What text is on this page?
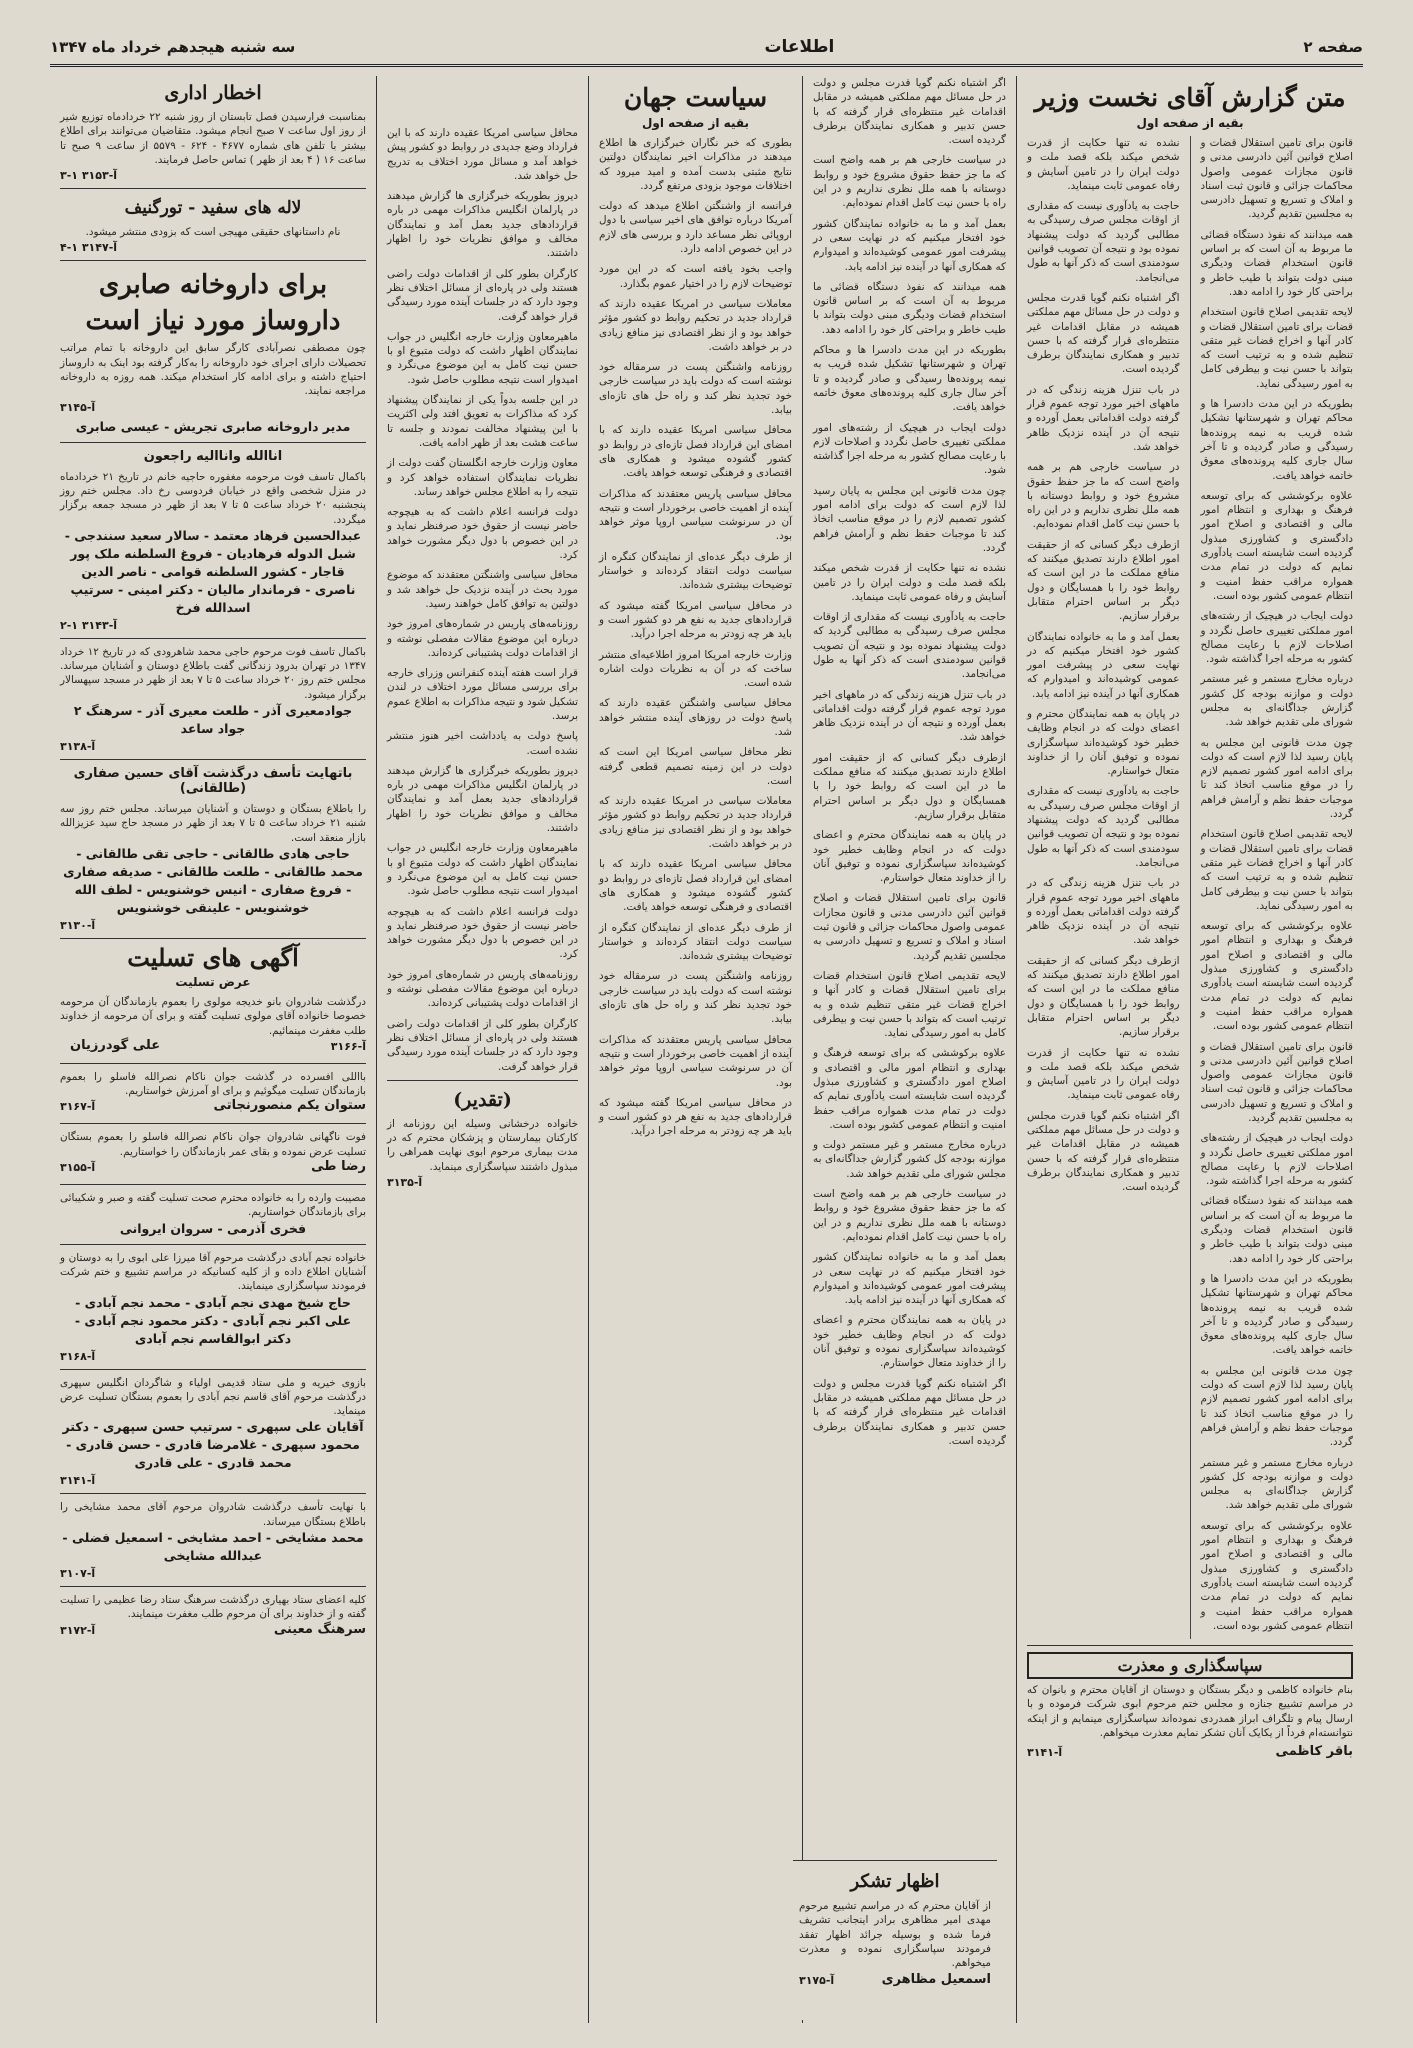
صفحه ۲
اطلاعات
سه شنبه هیجدهم خرداد ماه ۱۳۴۷
متن گزارش آقای نخست وزیر
بقیه از صفحه اول

قانون برای تامین استقلال قضات و اصلاح قوانین آئین دادرسی مدنی و قانون مجازات عمومی واصول محاکمات جزائی و قانون ثبت اسناد و املاک و تسریع و تسهیل دادرسی به مجلسین تقدیم گردید.

همه میدانند که نفوذ دستگاه قضائی ما مربوط به آن است که بر اساس قانون استخدام قضات ودیگری مبنی دولت بتواند با طیب خاطر و براحتی کار خود را ادامه دهد.

لایحه تقدیمی اصلاح قانون استخدام قضات برای تامین استقلال قضات و کادر آنها و اخراج قضات غیر متقی تنظیم شده و به ترتیب است که بتواند با حسن نیت و بیطرفی کامل به امور رسیدگی نماید.

بطوریکه در این مدت دادسرا ها و محاکم تهران و شهرستانها تشکیل شده قریب به نیمه پرونده‌ها رسیدگی و صادر گردیده و تا آخر سال جاری کلیه پرونده‌های معوق خاتمه خواهد یافت.

علاوه برکوششی که برای توسعه فرهنگ و بهداری و انتظام امور مالی و اقتصادی و اصلاح امور دادگستری و کشاورزی مبذول گردیده است شایسته است یادآوری نمایم که دولت در تمام مدت همواره مراقب حفظ امنیت و انتظام عمومی کشور بوده است.

دولت ایجاب در هیچیک از رشته‌های امور مملکتی تغییری حاصل نگردد و اصلاحات لازم با رعایت مصالح کشور به مرحله اجرا گذاشته شود.

درباره مخارج مستمر و غیر مستمر دولت و موازنه بودجه کل کشور گزارش جداگانه‌ای به مجلس شورای ملی تقدیم خواهد شد.

چون مدت قانونی این مجلس به پایان رسید لذا لازم است که دولت برای ادامه امور کشور تصمیم لازم را در موقع مناسب اتخاذ کند تا موجبات حفظ نظم و آرامش فراهم گردد.

لایحه تقدیمی اصلاح قانون استخدام قضات برای تامین استقلال قضات و کادر آنها و اخراج قضات غیر متقی تنظیم شده و به ترتیب است که بتواند با حسن نیت و بیطرفی کامل به امور رسیدگی نماید.

علاوه برکوششی که برای توسعه فرهنگ و بهداری و انتظام امور مالی و اقتصادی و اصلاح امور دادگستری و کشاورزی مبذول گردیده است شایسته است یادآوری نمایم که دولت در تمام مدت همواره مراقب حفظ امنیت و انتظام عمومی کشور بوده است.

قانون برای تامین استقلال قضات و اصلاح قوانین آئین دادرسی مدنی و قانون مجازات عمومی واصول محاکمات جزائی و قانون ثبت اسناد و املاک و تسریع و تسهیل دادرسی به مجلسین تقدیم گردید.

دولت ایجاب در هیچیک از رشته‌های امور مملکتی تغییری حاصل نگردد و اصلاحات لازم با رعایت مصالح کشور به مرحله اجرا گذاشته شود.

همه میدانند که نفوذ دستگاه قضائی ما مربوط به آن است که بر اساس قانون استخدام قضات ودیگری مبنی دولت بتواند با طیب خاطر و براحتی کار خود را ادامه دهد.

بطوریکه در این مدت دادسرا ها و محاکم تهران و شهرستانها تشکیل شده قریب به نیمه پرونده‌ها رسیدگی و صادر گردیده و تا آخر سال جاری کلیه پرونده‌های معوق خاتمه خواهد یافت.

چون مدت قانونی این مجلس به پایان رسید لذا لازم است که دولت برای ادامه امور کشور تصمیم لازم را در موقع مناسب اتخاذ کند تا موجبات حفظ نظم و آرامش فراهم گردد.

درباره مخارج مستمر و غیر مستمر دولت و موازنه بودجه کل کشور گزارش جداگانه‌ای به مجلس شورای ملی تقدیم خواهد شد.

علاوه برکوششی که برای توسعه فرهنگ و بهداری و انتظام امور مالی و اقتصادی و اصلاح امور دادگستری و کشاورزی مبذول گردیده است شایسته است یادآوری نمایم که دولت در تمام مدت همواره مراقب حفظ امنیت و انتظام عمومی کشور بوده است.

نشده نه تنها حکایت از قدرت شخص میکند بلکه قصد ملت و دولت ایران را در تامین آسایش و رفاه عمومی ثابت مینماید.

حاجت به یادآوری نیست که مقداری از اوقات مجلس صرف رسیدگی به مطالبی گردید که دولت پیشنهاد نموده بود و نتیجه آن تصویب قوانین سودمندی است که ذکر آنها به طول می‌انجامد.

اگر اشتباه نکنم گویا قدرت مجلس و دولت در حل مسائل مهم مملکتی همیشه در مقابل اقدامات غیر منتظره‌ای قرار گرفته که با حسن تدبیر و همکاری نمایندگان برطرف گردیده است.

در باب تنزل هزینه زندگی که در ماههای اخیر مورد توجه عموم قرار گرفته دولت اقداماتی بعمل آورده و نتیجه آن در آینده نزدیک ظاهر خواهد شد.

در سیاست خارجی هم بر همه واضح است که ما جز حفظ حقوق مشروع خود و روابط دوستانه با همه ملل نظری نداریم و در این راه با حسن نیت کامل اقدام نموده‌ایم.

ازطرف دیگر کسانی که از حقیقت امور اطلاع دارند تصدیق میکنند که منافع مملکت ما در این است که روابط خود را با همسایگان و دول دیگر بر اساس احترام متقابل برقرار سازیم.

بعمل آمد و ما به خانواده نمایندگان کشور خود افتخار میکنیم که در نهایت سعی در پیشرفت امور عمومی کوشیده‌اند و امیدوارم که همکاری آنها در آینده نیز ادامه یابد.

در پایان به همه نمایندگان محترم و اعضای دولت که در انجام وظایف خطیر خود کوشیده‌اند سپاسگزاری نموده و توفیق آنان را از خداوند متعال خواستارم.

حاجت به یادآوری نیست که مقداری از اوقات مجلس صرف رسیدگی به مطالبی گردید که دولت پیشنهاد نموده بود و نتیجه آن تصویب قوانین سودمندی است که ذکر آنها به طول می‌انجامد.

در باب تنزل هزینه زندگی که در ماههای اخیر مورد توجه عموم قرار گرفته دولت اقداماتی بعمل آورده و نتیجه آن در آینده نزدیک ظاهر خواهد شد.

ازطرف دیگر کسانی که از حقیقت امور اطلاع دارند تصدیق میکنند که منافع مملکت ما در این است که روابط خود را با همسایگان و دول دیگر بر اساس احترام متقابل برقرار سازیم.

نشده نه تنها حکایت از قدرت شخص میکند بلکه قصد ملت و دولت ایران را در تامین آسایش و رفاه عمومی ثابت مینماید.

اگر اشتباه نکنم گویا قدرت مجلس و دولت در حل مسائل مهم مملکتی همیشه در مقابل اقدامات غیر منتظره‌ای قرار گرفته که با حسن تدبیر و همکاری نمایندگان برطرف گردیده است.

سپاسگذاری و معذرت
بنام خانواده کاظمی و دیگر بستگان و دوستان از آقایان محترم و بانوان که در مراسم تشییع جنازه و مجلس ختم مرحوم ابوی شرکت فرموده و با ارسال پیام و تلگراف ابراز همدردی نموده‌اند سپاسگزاری مینمایم و از اینکه نتوانسته‌ام فرداً از یکایک آنان تشکر نمایم معذرت میخواهم.
باقر کاظمی
آ-۳۱۴۱

اگر اشتباه نکنم گویا قدرت مجلس و دولت در حل مسائل مهم مملکتی همیشه در مقابل اقدامات غیر منتظره‌ای قرار گرفته که با حسن تدبیر و همکاری نمایندگان برطرف گردیده است.

در سیاست خارجی هم بر همه واضح است که ما جز حفظ حقوق مشروع خود و روابط دوستانه با همه ملل نظری نداریم و در این راه با حسن نیت کامل اقدام نموده‌ایم.

بعمل آمد و ما به خانواده نمایندگان کشور خود افتخار میکنیم که در نهایت سعی در پیشرفت امور عمومی کوشیده‌اند و امیدوارم که همکاری آنها در آینده نیز ادامه یابد.

همه میدانند که نفوذ دستگاه قضائی ما مربوط به آن است که بر اساس قانون استخدام قضات ودیگری مبنی دولت بتواند با طیب خاطر و براحتی کار خود را ادامه دهد.

بطوریکه در این مدت دادسرا ها و محاکم تهران و شهرستانها تشکیل شده قریب به نیمه پرونده‌ها رسیدگی و صادر گردیده و تا آخر سال جاری کلیه پرونده‌های معوق خاتمه خواهد یافت.

دولت ایجاب در هیچیک از رشته‌های امور مملکتی تغییری حاصل نگردد و اصلاحات لازم با رعایت مصالح کشور به مرحله اجرا گذاشته شود.

چون مدت قانونی این مجلس به پایان رسید لذا لازم است که دولت برای ادامه امور کشور تصمیم لازم را در موقع مناسب اتخاذ کند تا موجبات حفظ نظم و آرامش فراهم گردد.

نشده نه تنها حکایت از قدرت شخص میکند بلکه قصد ملت و دولت ایران را در تامین آسایش و رفاه عمومی ثابت مینماید.

حاجت به یادآوری نیست که مقداری از اوقات مجلس صرف رسیدگی به مطالبی گردید که دولت پیشنهاد نموده بود و نتیجه آن تصویب قوانین سودمندی است که ذکر آنها به طول می‌انجامد.

در باب تنزل هزینه زندگی که در ماههای اخیر مورد توجه عموم قرار گرفته دولت اقداماتی بعمل آورده و نتیجه آن در آینده نزدیک ظاهر خواهد شد.

ازطرف دیگر کسانی که از حقیقت امور اطلاع دارند تصدیق میکنند که منافع مملکت ما در این است که روابط خود را با همسایگان و دول دیگر بر اساس احترام متقابل برقرار سازیم.

در پایان به همه نمایندگان محترم و اعضای دولت که در انجام وظایف خطیر خود کوشیده‌اند سپاسگزاری نموده و توفیق آنان را از خداوند متعال خواستارم.

قانون برای تامین استقلال قضات و اصلاح قوانین آئین دادرسی مدنی و قانون مجازات عمومی واصول محاکمات جزائی و قانون ثبت اسناد و املاک و تسریع و تسهیل دادرسی به مجلسین تقدیم گردید.

لایحه تقدیمی اصلاح قانون استخدام قضات برای تامین استقلال قضات و کادر آنها و اخراج قضات غیر متقی تنظیم شده و به ترتیب است که بتواند با حسن نیت و بیطرفی کامل به امور رسیدگی نماید.

علاوه برکوششی که برای توسعه فرهنگ و بهداری و انتظام امور مالی و اقتصادی و اصلاح امور دادگستری و کشاورزی مبذول گردیده است شایسته است یادآوری نمایم که دولت در تمام مدت همواره مراقب حفظ امنیت و انتظام عمومی کشور بوده است.

درباره مخارج مستمر و غیر مستمر دولت و موازنه بودجه کل کشور گزارش جداگانه‌ای به مجلس شورای ملی تقدیم خواهد شد.

در سیاست خارجی هم بر همه واضح است که ما جز حفظ حقوق مشروع خود و روابط دوستانه با همه ملل نظری نداریم و در این راه با حسن نیت کامل اقدام نموده‌ایم.

بعمل آمد و ما به خانواده نمایندگان کشور خود افتخار میکنیم که در نهایت سعی در پیشرفت امور عمومی کوشیده‌اند و امیدوارم که همکاری آنها در آینده نیز ادامه یابد.

در پایان به همه نمایندگان محترم و اعضای دولت که در انجام وظایف خطیر خود کوشیده‌اند سپاسگزاری نموده و توفیق آنان را از خداوند متعال خواستارم.

اگر اشتباه نکنم گویا قدرت مجلس و دولت در حل مسائل مهم مملکتی همیشه در مقابل اقدامات غیر منتظره‌ای قرار گرفته که با حسن تدبیر و همکاری نمایندگان برطرف گردیده است.

سیاست جهان
بقیه از صفحه اول

بطوری که خبر نگاران خبرگزاری ها اطلاع میدهند در مذاکرات اخیر نمایندگان دولتین نتایج مثبتی بدست آمده و امید میرود که اختلافات موجود بزودی مرتفع گردد.

فرانسه از واشنگتن اطلاع میدهد که دولت آمریکا درباره توافق های اخیر سیاسی با دول اروپائی نظر مساعد دارد و بررسی های لازم در این خصوص ادامه دارد.

واجب بخود یافته است که در این مورد توضیحات لازم را در اختیار عموم بگذارد.

معاملات سیاسی در امریکا عقیده دارند که قرارداد جدید در تحکیم روابط دو کشور مؤثر خواهد بود و از نظر اقتصادی نیز منافع زیادی در بر خواهد داشت.

روزنامه واشنگتن پست در سرمقاله خود نوشته است که دولت باید در سیاست خارجی خود تجدید نظر کند و راه حل های تازه‌ای بیابد.

محافل سیاسی امریکا عقیده دارند که با امضای این قرارداد فصل تازه‌ای در روابط دو کشور گشوده میشود و همکاری های اقتصادی و فرهنگی توسعه خواهد یافت.

محافل سیاسی پاریس معتقدند که مذاکرات آینده از اهمیت خاصی برخوردار است و نتیجه آن در سرنوشت سیاسی اروپا موثر خواهد بود.

از طرف دیگر عده‌ای از نمایندگان کنگره از سیاست دولت انتقاد کرده‌اند و خواستار توضیحات بیشتری شده‌اند.

در محافل سیاسی امریکا گفته میشود که قراردادهای جدید به نفع هر دو کشور است و باید هر چه زودتر به مرحله اجرا درآید.

وزارت خارجه امریکا امروز اطلاعیه‌ای منتشر ساخت که در آن به نظریات دولت اشاره شده است.

محافل سیاسی واشنگتن عقیده دارند که پاسخ دولت در روزهای آینده منتشر خواهد شد.

نظر محافل سیاسی امریکا این است که دولت در این زمینه تصمیم قطعی گرفته است.

معاملات سیاسی در امریکا عقیده دارند که قرارداد جدید در تحکیم روابط دو کشور مؤثر خواهد بود و از نظر اقتصادی نیز منافع زیادی در بر خواهد داشت.

محافل سیاسی امریکا عقیده دارند که با امضای این قرارداد فصل تازه‌ای در روابط دو کشور گشوده میشود و همکاری های اقتصادی و فرهنگی توسعه خواهد یافت.

از طرف دیگر عده‌ای از نمایندگان کنگره از سیاست دولت انتقاد کرده‌اند و خواستار توضیحات بیشتری شده‌اند.

روزنامه واشنگتن پست در سرمقاله خود نوشته است که دولت باید در سیاست خارجی خود تجدید نظر کند و راه حل های تازه‌ای بیابد.

محافل سیاسی پاریس معتقدند که مذاکرات آینده از اهمیت خاصی برخوردار است و نتیجه آن در سرنوشت سیاسی اروپا موثر خواهد بود.

در محافل سیاسی امریکا گفته میشود که قراردادهای جدید به نفع هر دو کشور است و باید هر چه زودتر به مرحله اجرا درآید.

محافل سیاسی امریکا عقیده دارند که با این فرارداد وضع جدیدی در روابط دو کشور پیش خواهد آمد و مسائل مورد اختلاف به تدریج حل خواهد شد.

دیروز بطوریکه خبرگزاری ها گزارش میدهند در پارلمان انگلیس مذاکرات مهمی در باره قراردادهای جدید بعمل آمد و نمایندگان مخالف و موافق نظریات خود را اظهار داشتند.

کارگران بطور کلی از اقدامات دولت راضی هستند ولی در پاره‌ای از مسائل اختلاف نظر وجود دارد که در جلسات آینده مورد رسیدگی قرار خواهد گرفت.

ماهیرمعاون وزارت خارجه انگلیس در جواب نمایندگان اظهار داشت که دولت متبوع او با حسن نیت کامل به این موضوع می‌نگرد و امیدوار است نتیجه مطلوب حاصل شود.

در این جلسه بدواً یکی از نمایندگان پیشنهاد کرد که مذاکرات به تعویق افتد ولی اکثریت با این پیشنهاد مخالفت نمودند و جلسه تا ساعت هشت بعد از ظهر ادامه یافت.

معاون وزارت خارجه انگلستان گفت دولت از نظریات نمایندگان استفاده خواهد کرد و نتیجه را به اطلاع مجلس خواهد رساند.

دولت فرانسه اعلام داشت که به هیچوجه حاضر نیست از حقوق خود صرفنظر نماید و در این خصوص با دول دیگر مشورت خواهد کرد.

محافل سیاسی واشنگتن معتقدند که موضوع مورد بحث در آینده نزدیک حل خواهد شد و دولتین به توافق کامل خواهند رسید.

روزنامه‌های پاریس در شماره‌های امروز خود درباره این موضوع مقالات مفصلی نوشته و از اقدامات دولت پشتیبانی کرده‌اند.

قرار است هفته آینده کنفرانس وزرای خارجه برای بررسی مسائل مورد اختلاف در لندن تشکیل شود و نتیجه مذاکرات به اطلاع عموم برسد.

پاسخ دولت به یادداشت اخیر هنوز منتشر نشده است.

دیروز بطوریکه خبرگزاری ها گزارش میدهند در پارلمان انگلیس مذاکرات مهمی در باره قراردادهای جدید بعمل آمد و نمایندگان مخالف و موافق نظریات خود را اظهار داشتند.

ماهیرمعاون وزارت خارجه انگلیس در جواب نمایندگان اظهار داشت که دولت متبوع او با حسن نیت کامل به این موضوع می‌نگرد و امیدوار است نتیجه مطلوب حاصل شود.

دولت فرانسه اعلام داشت که به هیچوجه حاضر نیست از حقوق خود صرفنظر نماید و در این خصوص با دول دیگر مشورت خواهد کرد.

روزنامه‌های پاریس در شماره‌های امروز خود درباره این موضوع مقالات مفصلی نوشته و از اقدامات دولت پشتیبانی کرده‌اند.

کارگران بطور کلی از اقدامات دولت راضی هستند ولی در پاره‌ای از مسائل اختلاف نظر وجود دارد که در جلسات آینده مورد رسیدگی قرار خواهد گرفت.

(تقدیر)
خانواده درخشانی وسیله این روزنامه از کارکنان بیمارستان و پزشکان محترم که در مدت بیماری مرحوم ابوی نهایت همراهی را مبذول داشتند سپاسگزاری مینماید.
آ-۳۱۳۵
اخطار اداری
بمناسبت فرارسیدن فصل تابستان از روز شنبه ۲۲ خردادماه توزیع شیر از روز اول ساعت ۷ صبح انجام میشود. متقاضیان می‌توانند برای اطلاع بیشتر با تلفن های شماره ۴۶۷۷ - ۶۲۴ - ۵۵۷۹ از ساعت ۹ صبح تا ساعت ۱۶ ( ۴ بعد از ظهر ) تماس حاصل فرمایند.
۳-۱ آ-۳۱۵۳
لاله های سفید - تورگنیف
نام داستانهای حقیقی مهیجی است که بزودی منتشر میشود.
۴-۱ آ-۳۱۴۷
برای داروخانه صابری داروساز مورد نیاز است
چون مصطفی نصرآبادی کارگر سابق این داروخانه با تمام مراتب تحصیلات دارای اجرای خود داروخانه را به‌کار گرفته بود اینک به داروساز احتیاج داشته و برای ادامه کار استخدام میکند. همه روزه به داروخانه مراجعه نمایند.
آ-۳۱۴۵
مدیر داروخانه صابری تجریش - عیسی صابری
اناالله وانااليه راجعون
باکمال تاسف فوت مرحومه مغفوره حاجیه خانم در تاریخ ۲۱ خردادماه در منزل شخصی واقع در خیابان فردوسی رخ داد. مجلس ختم روز پنجشنبه ۲۰ خرداد ساعت ۵ تا ۷ بعد از ظهر در مسجد جمعه برگزار میگردد.
عبدالحسین فرهاد معتمد - سالار سعید سنندجی - شبل الدوله فرهادیان - فروغ السلطنه ملک پور قاجار - کشور السلطنه قوامی - ناصر الدین ناصری - فرماندار مالیان - دکتر امینی - سرتیپ اسدالله فرخ
۲-۱ آ-۳۱۴۳
باکمال تاسف فوت مرحوم حاجی محمد شاهرودی که در تاریخ ۱۲ خرداد ۱۳۴۷ در تهران بدرود زندگانی گفت باطلاع دوستان و آشنایان میرساند. مجلس ختم روز ۲۰ خرداد ساعت ۵ تا ۷ بعد از ظهر در مسجد سپهسالار برگزار میشود.
جوادمعیری آذر - طلعت معیری آذر - سرهنگ ۲ جواد ساعد
آ-۳۱۳۸
باتهایت تأسف درگذشت آقای حسین صفاری (طالقانی)
را باطلاع بستگان و دوستان و آشنایان میرساند. مجلس ختم روز سه شنبه ۲۱ خرداد ساعت ۵ تا ۷ بعد از ظهر در مسجد حاج سید عزیزالله بازار منعقد است.
حاجی هادی طالقانی - حاجی تقی طالقانی - محمد طالقانی - طلعت طالقانی - صدیقه صفاری - فروغ صفاری - انیس خوشنویس - لطف الله خوشنویس - علینقی خوشنویس
آ-۳۱۳۰
آگهی های تسلیت
عرض تسلیت
درگذشت شادروان بانو خدیجه مولوی را بعموم بازماندگان آن مرحومه خصوصا خانواده آقای مولوی تسلیت گفته و برای آن مرحومه از خداوند طلب مغفرت مینمائیم.
آ-۳۱۶۶
علی گودرزیان
بااللی افسرده در گذشت جوان ناکام نصرالله فاسلو را بعموم بازماندگان تسلیت میگوئیم و برای او آمرزش خواستاریم.
ستوان یکم منصورنجاتی
آ-۳۱۶۷
فوت ناگهانی شادروان جوان ناکام نصرالله فاسلو را بعموم بستگان تسلیت عرض نموده و بقای عمر بازماندگان را خواستاریم.
رضا طی
آ-۳۱۵۵
مصیبت وارده را به خانواده محترم صحت تسلیت گفته و صبر و شکیبائی برای بازماندگان خواستاریم.
فخری آذرمی - سروان ایروانی
خانواده نجم آبادی درگذشت مرحوم آقا میرزا علی ابوی را به دوستان و آشنایان اطلاع داده و از کلیه کسانیکه در مراسم تشییع و ختم شرکت فرمودند سپاسگزاری مینمایند.
حاج شیخ مهدی نجم آبادی - محمد نجم آبادی - علی اکبر نجم آبادی - دکتر محمود نجم آبادی - دکتر ابوالقاسم نجم آبادی
آ-۳۱۶۸
بازوی خیریه و ملی ستاد قدیمی اولیاء و شاگردان انگلیس سپهری درگذشت مرحوم آقای قاسم نجم آبادی را بعموم بستگان تسلیت عرض مینماید.
آقایان علی سپهری - سرتیپ حسن سپهری - دکتر محمود سپهری - غلامرضا قادری - حسن قادری - محمد قادری - علی قادری
آ-۳۱۴۱
با نهایت تأسف درگذشت شادروان مرحوم آقای محمد مشایخی را باطلاع بستگان میرساند.
محمد مشایخی - احمد مشایخی - اسمعیل فضلی - عبدالله مشایخی
آ-۳۱۰۷
کلیه اعضای ستاد بهیاری درگذشت سرهنگ ستاد رضا عظیمی را تسلیت گفته و از خداوند برای آن مرحوم طلب مغفرت مینمایند.
سرهنگ معینی
آ-۳۱۷۲
اظهار تشکر
از آقایان محترم که در مراسم تشییع مرحوم مهدی امیر مظاهری برادر اینجانب تشریف فرما شده و بوسیله جرائد اظهار تفقد فرمودند سپاسگزاری نموده و معذرت میخواهم.
اسمعیل مظاهری
آ-۳۱۷۵
